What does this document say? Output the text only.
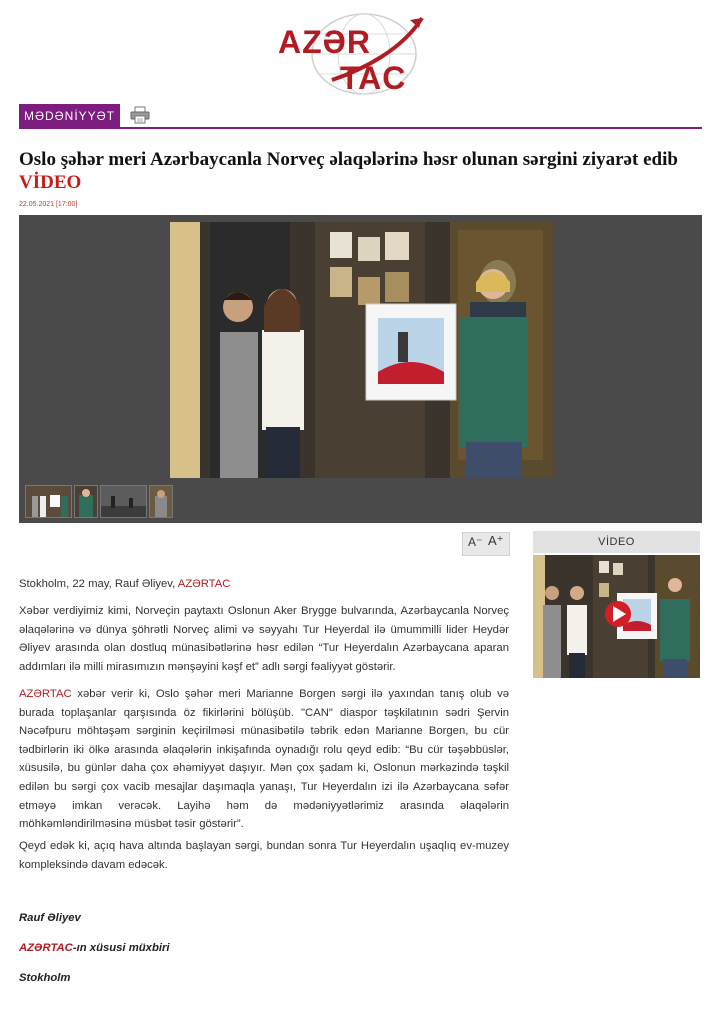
AZƏR
TAC
MƏDƏNİYYƏT
Oslo şəhər meri Azərbaycanla Norveç əlaqələrinə həsr olunan sərgini ziyarət edib
VİDEO
22.05.2021 [17:00]
A⁻ A⁺
Stokholm, 22 may, Rauf Əliyev, AZƏRTAC
Xəbər verdiyimiz kimi, Norveçin paytaxtı Oslonun Aker Brygge bulvarında, Azərbaycanla Norveç əlaqələrinə və dünya şöhrətli Norveç alimi və səyyahı Tur Heyerdal ilə ümummilli lider Heydər Əliyev arasında olan dostluq münasibətlərinə həsr edilən “Tur Heyerdalın Azərbaycana aparan addımları ilə milli mirasımızın mənşəyini kəşf et” adlı sərgi fəaliyyət göstərir.
AZƏRTAC xəbər verir ki, Oslo şəhər meri Marianne Borgen sərgi ilə yaxından tanış olub və burada toplaşanlar qarşısında öz fikirlərini bölüşüb. "CAN" diaspor təşkilatının sədri Şervin Nəcəfpuru möhtəşəm sərginin keçirilməsi münasibətilə təbrik edən Marianne Borgen, bu cür tədbirlərin iki ölkə arasında əlaqələrin inkişafında oynadığı rolu qeyd edib: “Bu cür təşəbbüslər, xüsusilə, bu günlər daha çox əhəmiyyət daşıyır. Mən çox şadam ki, Oslonun mərkəzində təşkil edilən bu sərgi çox vacib mesajlar daşımaqla yanaşı, Tur Heyerdalın izi ilə Azərbaycana səfər etməyə imkan verəcək. Layihə həm də mədəniyyətlərimiz arasında əlaqələrin möhkəmləndirilməsinə müsbət təsir göstərir”.
Qeyd edək ki, açıq hava altında başlayan sərgi, bundan sonra Tur Heyerdalın uşaqlıq ev-muzey kompleksində davam edəcək.
Rauf Əliyev
AZƏRTAC-ın xüsusi müxbiri
Stokholm
VİDEO
